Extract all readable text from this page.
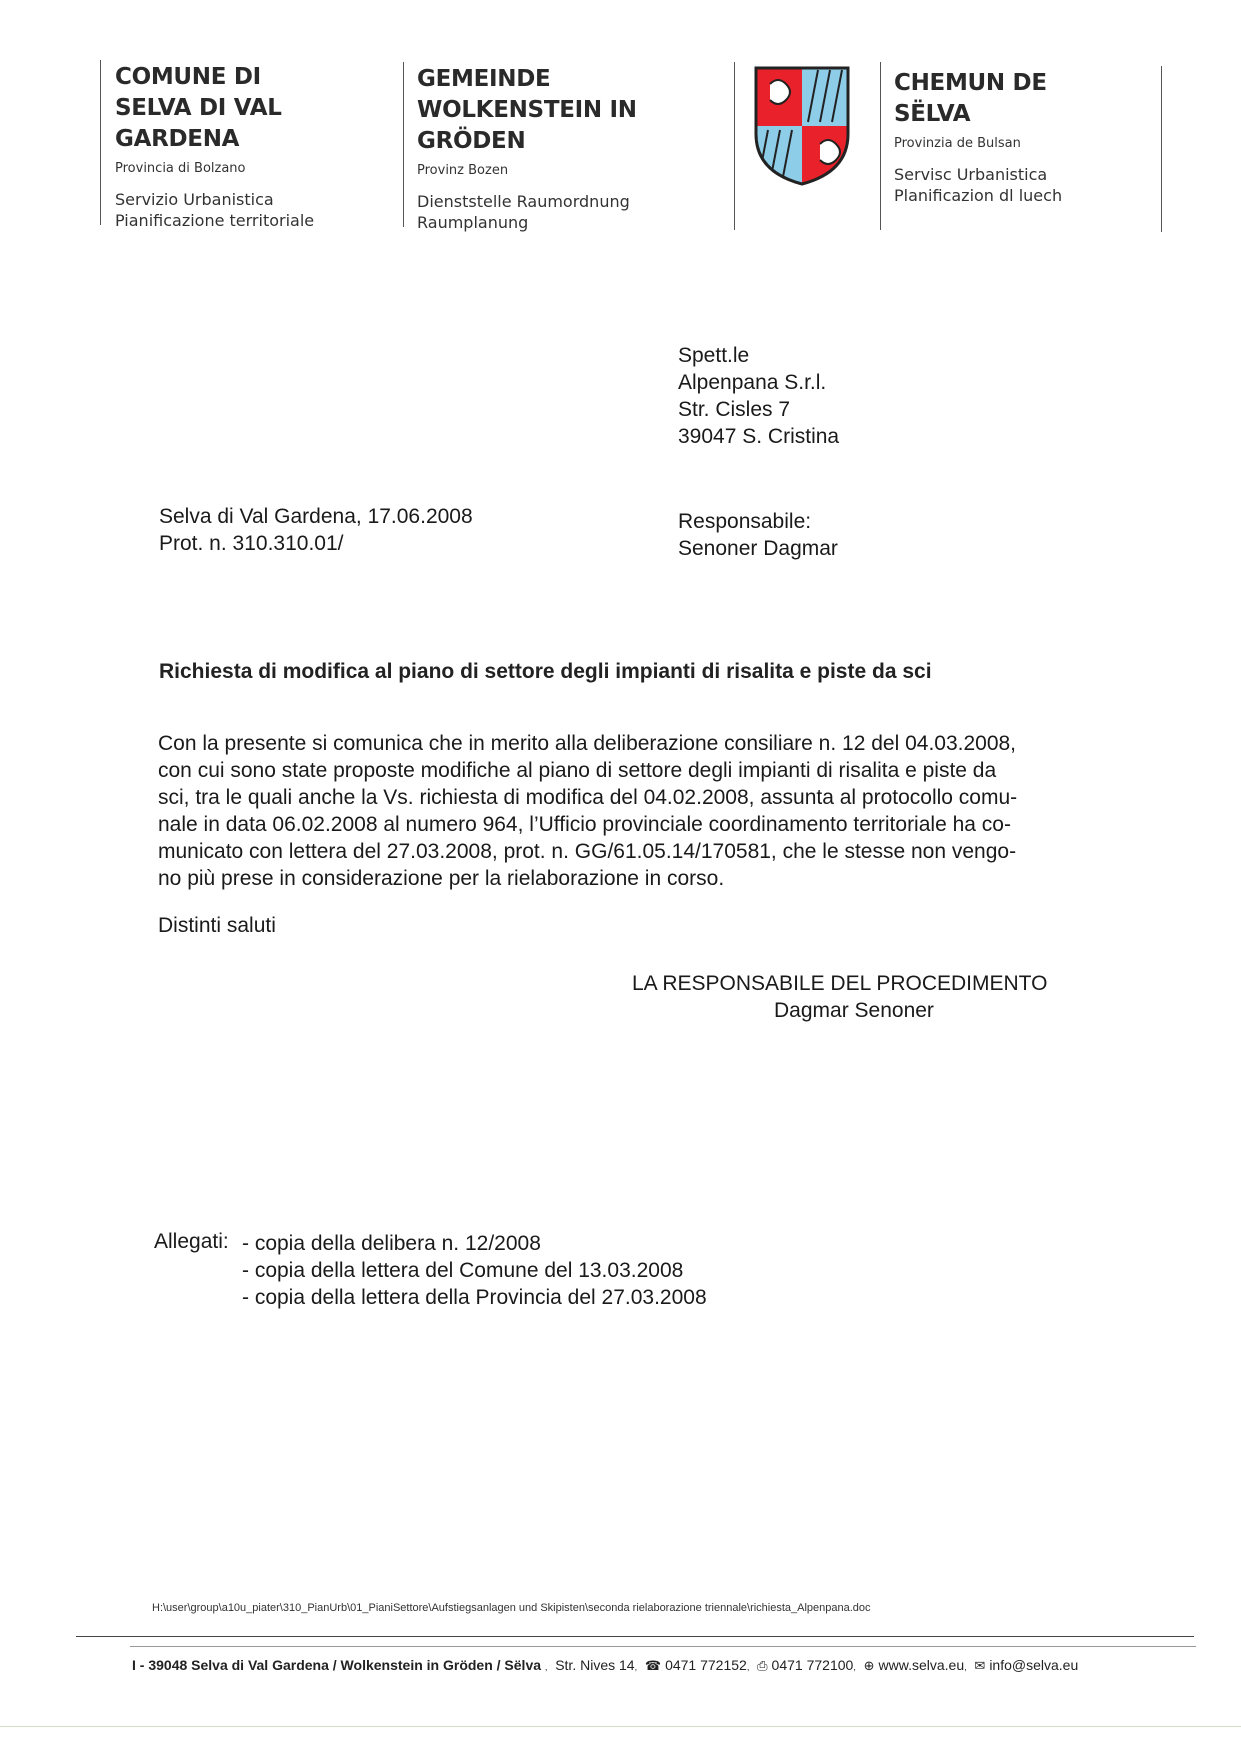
COMUNE DI
SELVA DI VAL GARDENA
Provincia di Bolzano
Servizio Urbanistica
Pianificazione territoriale
GEMEINDE
WOLKENSTEIN IN GRÖDEN
Provinz Bozen
Dienststelle Raumordnung
Raumplanung
CHEMUN DE
SËLVA
Provinzia de Bulsan
Servisc Urbanistica
Planificazion dl luech
Spett.le
Alpenpana S.r.l.
Str. Cisles 7
39047 S. Cristina
Selva di Val Gardena, 17.06.2008
Prot. n. 310.310.01/
Responsabile:
Senoner Dagmar
Richiesta di modifica al piano di settore degli impianti di risalita e piste da sci
Con la presente si comunica che in merito alla deliberazione consiliare n. 12 del 04.03.2008,
con cui sono state proposte modifiche al piano di settore degli impianti di risalita e piste da
sci, tra le quali anche la Vs. richiesta di modifica del 04.02.2008, assunta al protocollo comu-
nale in data 06.02.2008 al numero 964, l’Ufficio provinciale coordinamento territoriale ha co-
municato con lettera del 27.03.2008, prot. n. GG/61.05.14/170581, che le stesse non vengo-
no più prese in considerazione per la rielaborazione in corso.
Distinti saluti
LA RESPONSABILE DEL PROCEDIMENTO
Dagmar Senoner
Allegati: - copia della delibera n. 12/2008
- copia della lettera del Comune del 13.03.2008
- copia della lettera della Provincia del 27.03.2008
H:\user\group\a10u_piater\310_PianUrb\01_PianiSettore\Aufstiegsanlagen und Skipisten\seconda rielaborazione triennale\richiesta_Alpenpana.doc
I - 39048 Selva di Val Gardena / Wolkenstein in Gröden / Sëlva , Str. Nives 14, ☎ 0471 772152, ⎙ 0471 772100, ⊕ www.selva.eu, ✉ info@selva.eu
